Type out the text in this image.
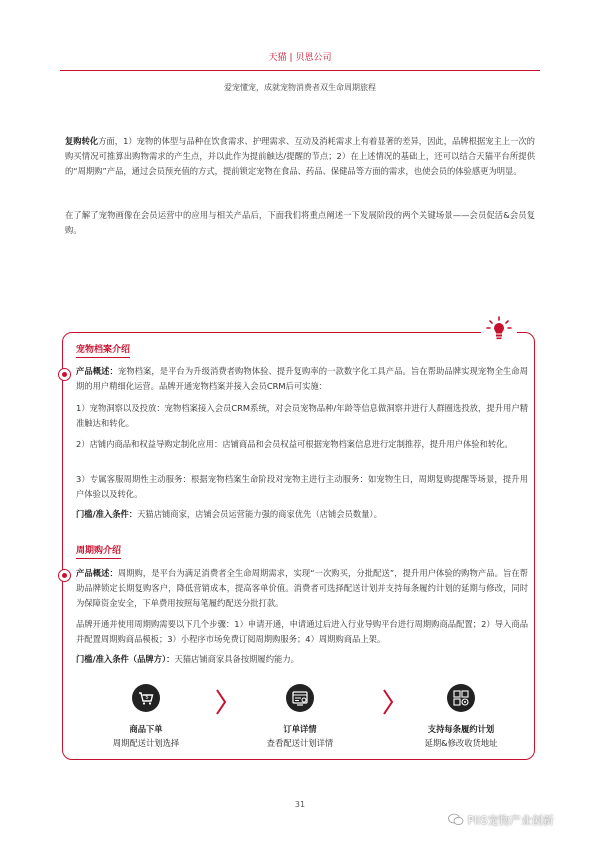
天猫 | 贝恩公司
爱宠懂宠，成就宠物消费者双生命周期旅程
复购转化方面，1）宠物的体型与品种在饮食需求、护理需求、互动及消耗需求上有着显著的差异，因此，品牌根据宠主上一次的购买情况可推算出购物需求的产生点，并以此作为提前触达/提醒的节点；2）在上述情况的基础上，还可以结合天猫平台所提供的“周期购”产品，通过会员预充值的方式，提前锁定宠物在食品、药品、保健品等方面的需求，也使会员的体验感更为明显。
在了解了宠物画像在会员运营中的应用与相关产品后，下面我们将重点阐述一下发展阶段的两个关键场景——会员促活&会员复购。
宠物档案介绍
产品概述：宠物档案，是平台为升级消费者购物体验、提升复购率的一款数字化工具产品。旨在帮助品牌实现宠物全生命周期的用户精细化运营。品牌开通宠物档案并接入会员CRM后可实施：
1）宠物洞察以及投放：宠物档案接入会员CRM系统，对会员宠物品种/年龄等信息做洞察并进行人群圈选投放，提升用户精准触达和转化。
2）店铺内商品和权益导购定制化应用：店铺商品和会员权益可根据宠物档案信息进行定制推荐，提升用户体验和转化。
3）专属客服周期性主动服务：根据宠物档案生命阶段对宠物主进行主动服务：如宠物生日，周期复购提醒等场景，提升用户体验以及转化。
门槛/准入条件：天猫店铺商家，店铺会员运营能力强的商家优先（店铺会员数量）。
周期购介绍
产品概述：周期购，是平台为满足消费者全生命周期需求，实现“一次购买，分批配送”，提升用户体验的购物产品。旨在帮助品牌锁定长期复购客户，降低营销成本，提高客单价值。消费者可选择配送计划并支持每条履约计划的延期与修改，同时为保障资金安全，下单费用按照每笔履约配送分批打款。
品牌开通并使用周期购需要以下几个步骤：1）申请开通，申请通过后进入行业导购平台进行周期购商品配置；2）导入商品并配置周期购商品模板；3）小程序市场免费订阅周期购服务；4）周期购商品上架。
门槛/准入条件（品牌方）：天猫店铺商家具备按期履约能力。
$
商品下单
周期配送计划选择
订单详情
查看配送计划详情
支持每条履约计划
延期&修改收货地址
31
PIIS宠物产业创新
